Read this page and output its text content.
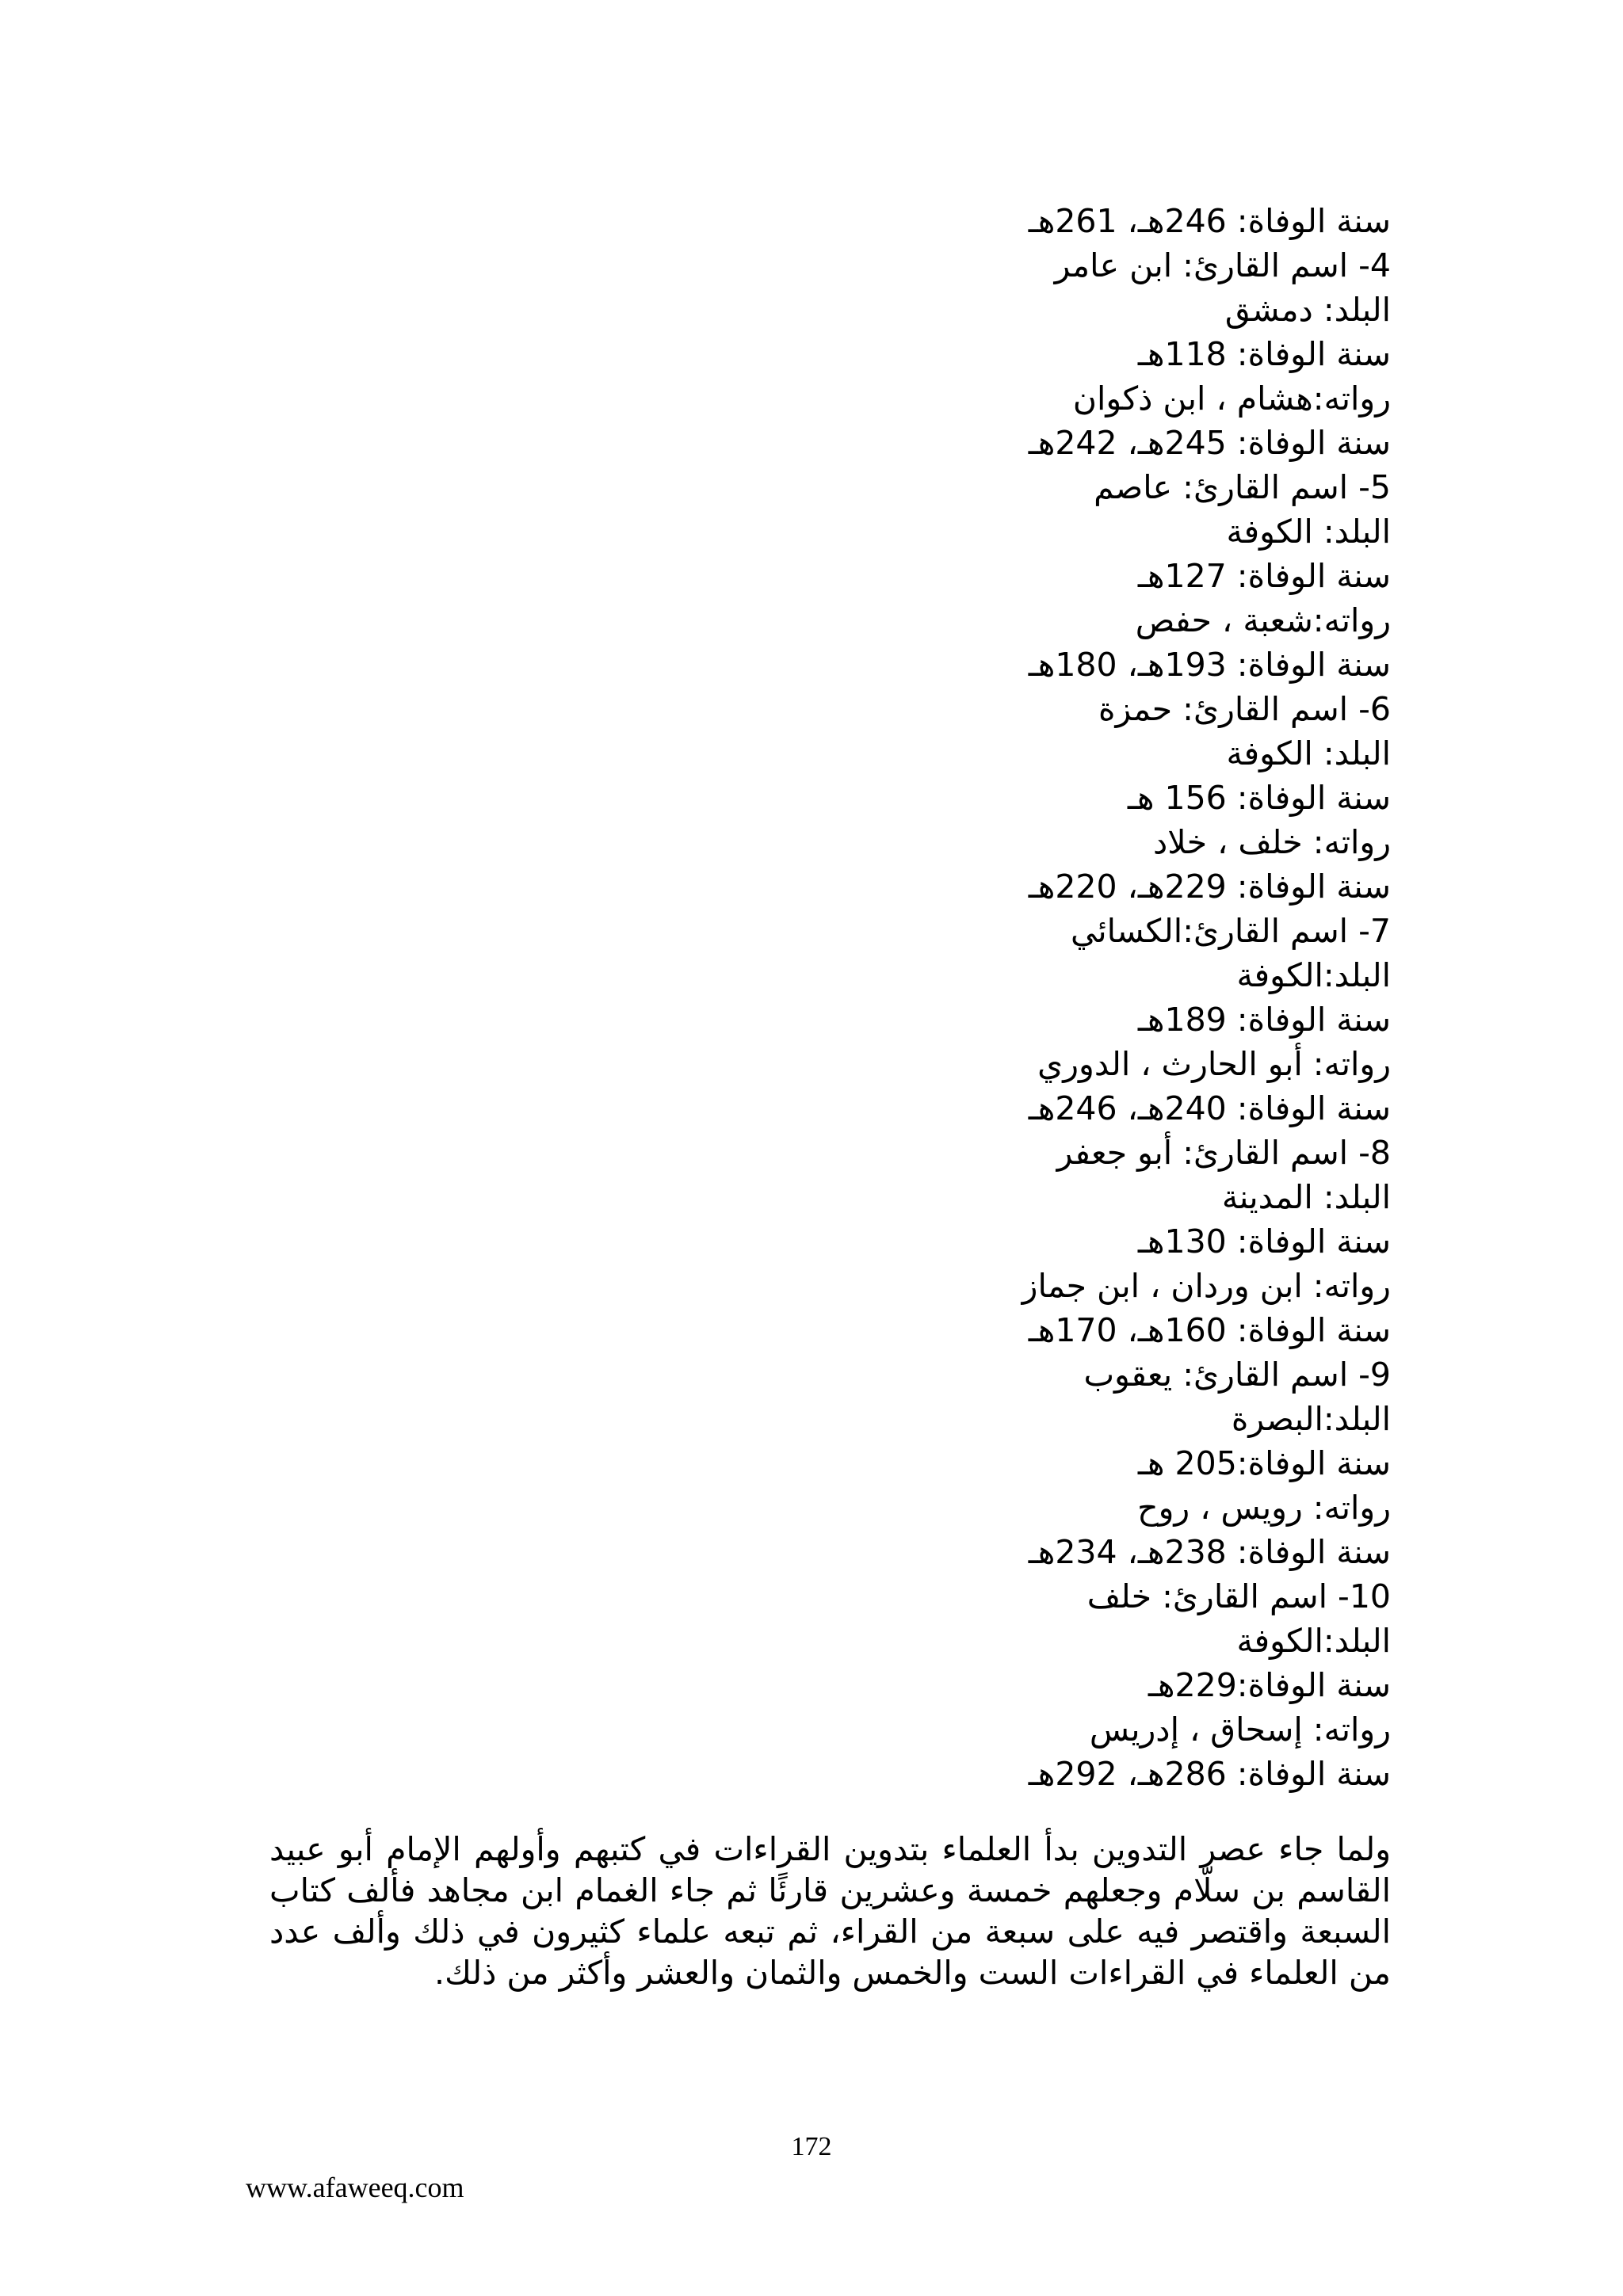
سنة الوفاة: 246هـ، 261هـ
4- اسم القارئ: ابن عامر
البلد: دمشق
سنة الوفاة: 118هـ
رواته:هشام ، ابن ذكوان
سنة الوفاة: 245هـ، 242هـ
5- اسم القارئ: عاصم
البلد: الكوفة
سنة الوفاة: 127هـ
رواته:شعبة ، حفص
سنة الوفاة: 193هـ، 180هـ
6- اسم القارئ: حمزة
البلد: الكوفة
سنة الوفاة: 156 هـ
رواته: خلف ، خلاد
سنة الوفاة: 229هـ، 220هـ
7- اسم القارئ:الكسائي
البلد:الكوفة
سنة الوفاة: 189هـ
رواته: أبو الحارث ، الدوري
سنة الوفاة: 240هـ، 246هـ
8- اسم القارئ: أبو جعفر
البلد: المدينة
سنة الوفاة: 130هـ
رواته: ابن وردان ، ابن جماز
سنة الوفاة: 160هـ، 170هـ
9- اسم القارئ: يعقوب
البلد:البصرة
سنة الوفاة:205 هـ
رواته: رويس ، روح
سنة الوفاة: 238هـ، 234هـ
10- اسم القارئ: خلف
البلد:الكوفة
سنة الوفاة:229هـ
رواته: إسحاق ، إدريس
سنة الوفاة: 286هـ، 292هـ

ولما جاء عصر التدوين بدأ العلماء بتدوين القراءات في كتبهم وأولهم الإمام أبو عبيد القاسم بن سلّام وجعلهم خمسة وعشرين قارئًا ثم جاء الغمام ابن مجاهد فألف كتاب السبعة واقتصر فيه على سبعة من القراء، ثم تبعه علماء كثيرون في ذلك وألف عدد من العلماء في القراءات الست والخمس والثمان والعشر وأكثر من ذلك.

172
www.afaweeq.com
